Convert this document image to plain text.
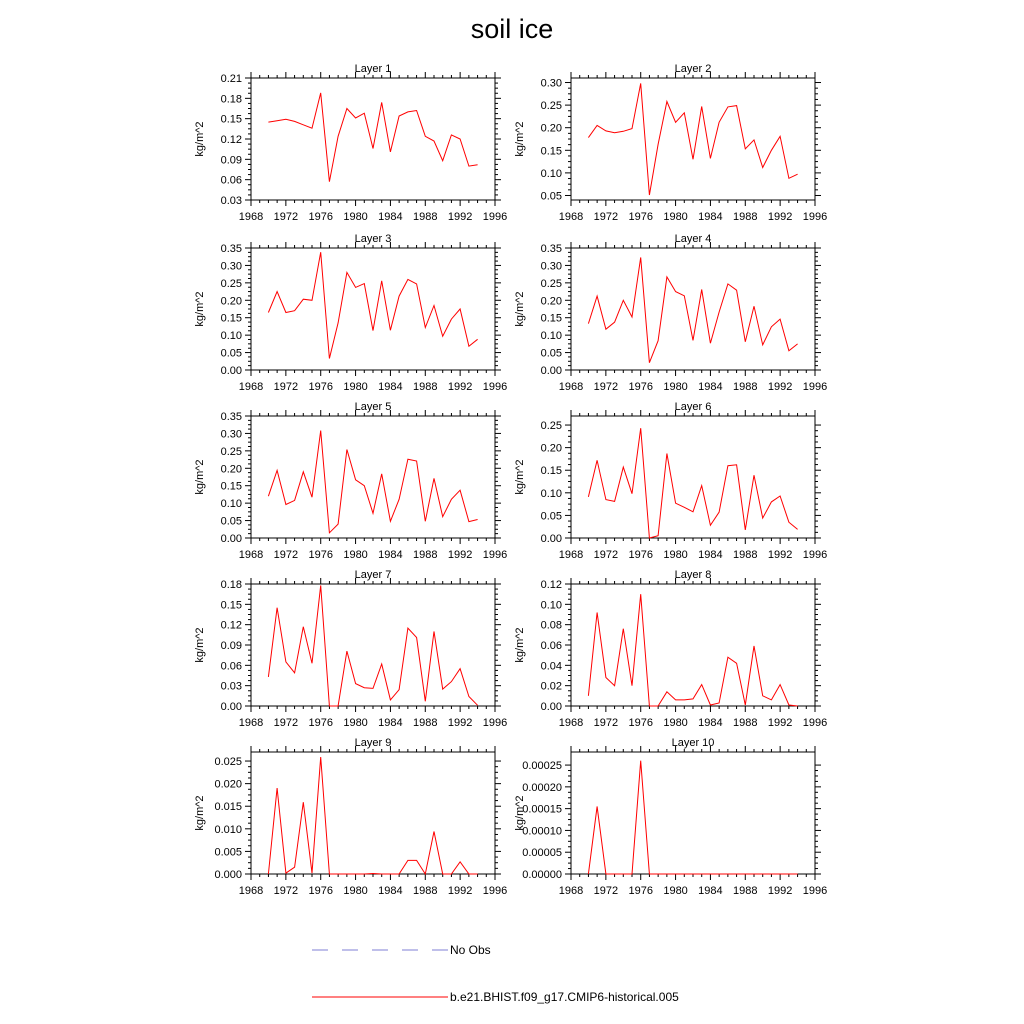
soil ice
Layer 1
1968 1972 1976 1980 1984 1988 1992 1996
0.03
0.06
0.09
0.12
0.15
0.18
0.21
kg/m^2
Layer 2
1968 1972 1976 1980 1984 1988 1992 1996
0.05
0.10
0.15
0.20
0.25
0.30
kg/m^2
Layer 3
1968 1972 1976 1980 1984 1988 1992 1996
0.00
0.05
0.10
0.15
0.20
0.25
0.30
0.35
kg/m^2
Layer 4
1968 1972 1976 1980 1984 1988 1992 1996
0.00
0.05
0.10
0.15
0.20
0.25
0.30
0.35
kg/m^2
Layer 5
1968 1972 1976 1980 1984 1988 1992 1996
0.00
0.05
0.10
0.15
0.20
0.25
0.30
0.35
kg/m^2
Layer 6
1968 1972 1976 1980 1984 1988 1992 1996
0.00
0.05
0.10
0.15
0.20
0.25
kg/m^2
Layer 7
1968 1972 1976 1980 1984 1988 1992 1996
0.00
0.03
0.06
0.09
0.12
0.15
0.18
kg/m^2
Layer 8
1968 1972 1976 1980 1984 1988 1992 1996
0.00
0.02
0.04
0.06
0.08
0.10
0.12
kg/m^2
Layer 9
1968 1972 1976 1980 1984 1988 1992 1996
0.000
0.005
0.010
0.015
0.020
0.025
kg/m^2
Layer 10
1968 1972 1976 1980 1984 1988 1992 1996
0.00000
0.00005
0.00010
0.00015
0.00020
0.00025
kg/m^2
No Obs
b.e21.BHIST.f09_g17.CMIP6-historical.005
